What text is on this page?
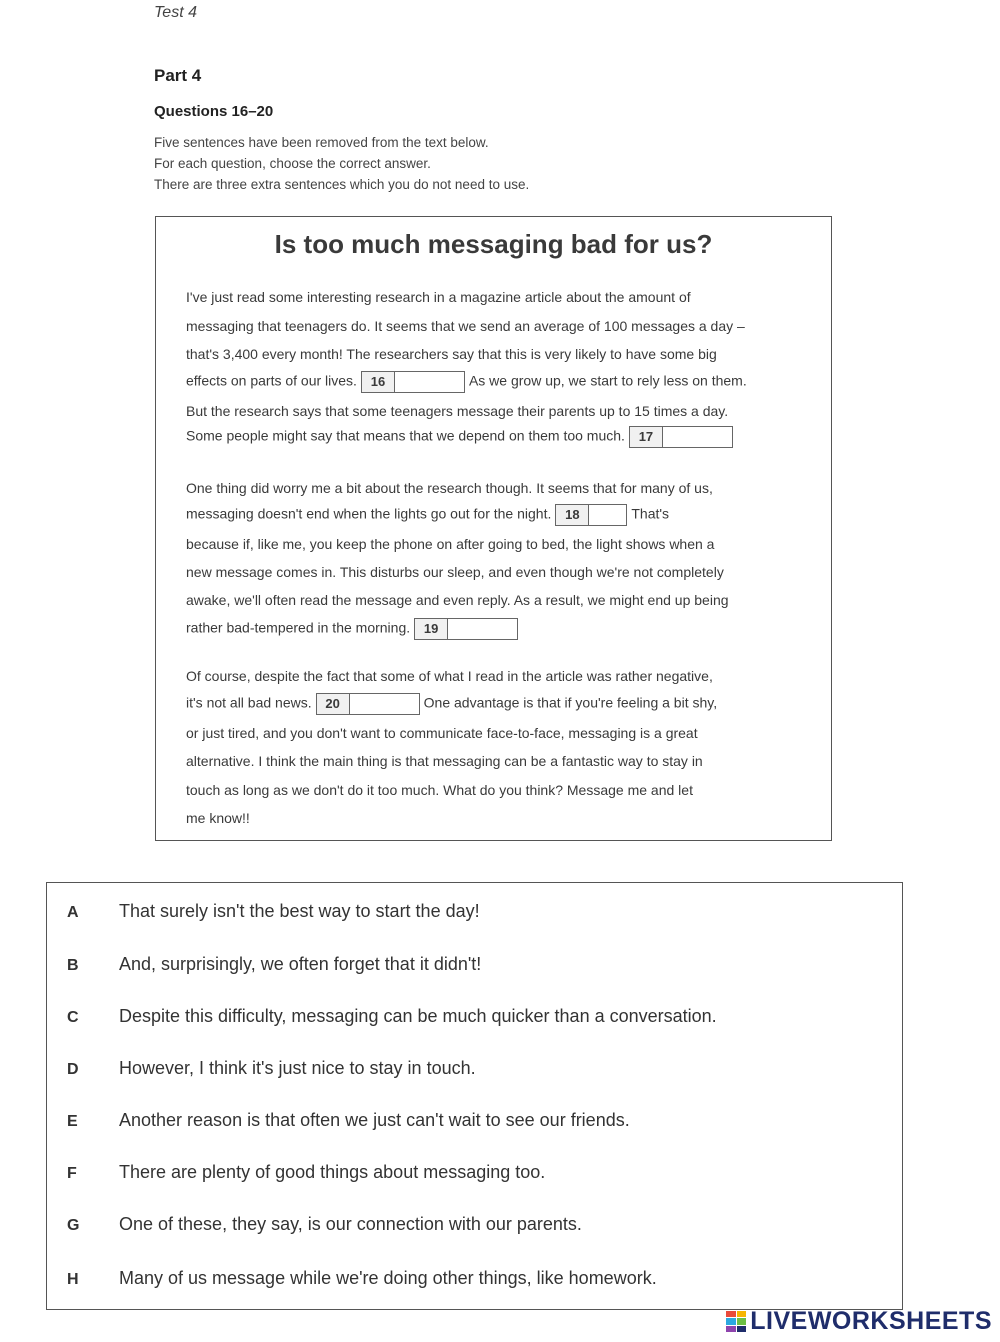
Test 4
Part 4
Questions 16–20
Five sentences have been removed from the text below.
For each question, choose the correct answer.
There are three extra sentences which you do not need to use.
Is too much messaging bad for us?
I've just read some interesting research in a magazine article about the amount of
messaging that teenagers do. It seems that we send an average of 100 messages a day –
that's 3,400 every month! The researchers say that this is very likely to have some big
effects on parts of our lives.	16	As we grow up, we start to rely less on them.
But the research says that some teenagers message their parents up to 15 times a day.
Some people might say that means that we depend on them too much.	17
One thing did worry me a bit about the research though. It seems that for many of us,
messaging doesn't end when the lights go out for the night.	18	That's
because if, like me, you keep the phone on after going to bed, the light shows when a
new message comes in. This disturbs our sleep, and even though we're not completely
awake, we'll often read the message and even reply. As a result, we might end up being
rather bad-tempered in the morning.	19
Of course, despite the fact that some of what I read in the article was rather negative,
it's not all bad news.	20	One advantage is that if you're feeling a bit shy,
or just tired, and you don't want to communicate face-to-face, messaging is a great
alternative. I think the main thing is that messaging can be a fantastic way to stay in
touch as long as we don't do it too much. What do you think? Message me and let
me know!!
A That surely isn't the best way to start the day!
B And, surprisingly, we often forget that it didn't!
C Despite this difficulty, messaging can be much quicker than a conversation.
D However, I think it's just nice to stay in touch.
E Another reason is that often we just can't wait to see our friends.
F There are plenty of good things about messaging too.
G One of these, they say, is our connection with our parents.
H Many of us message while we're doing other things, like homework.
LIVEWORKSHEETS
